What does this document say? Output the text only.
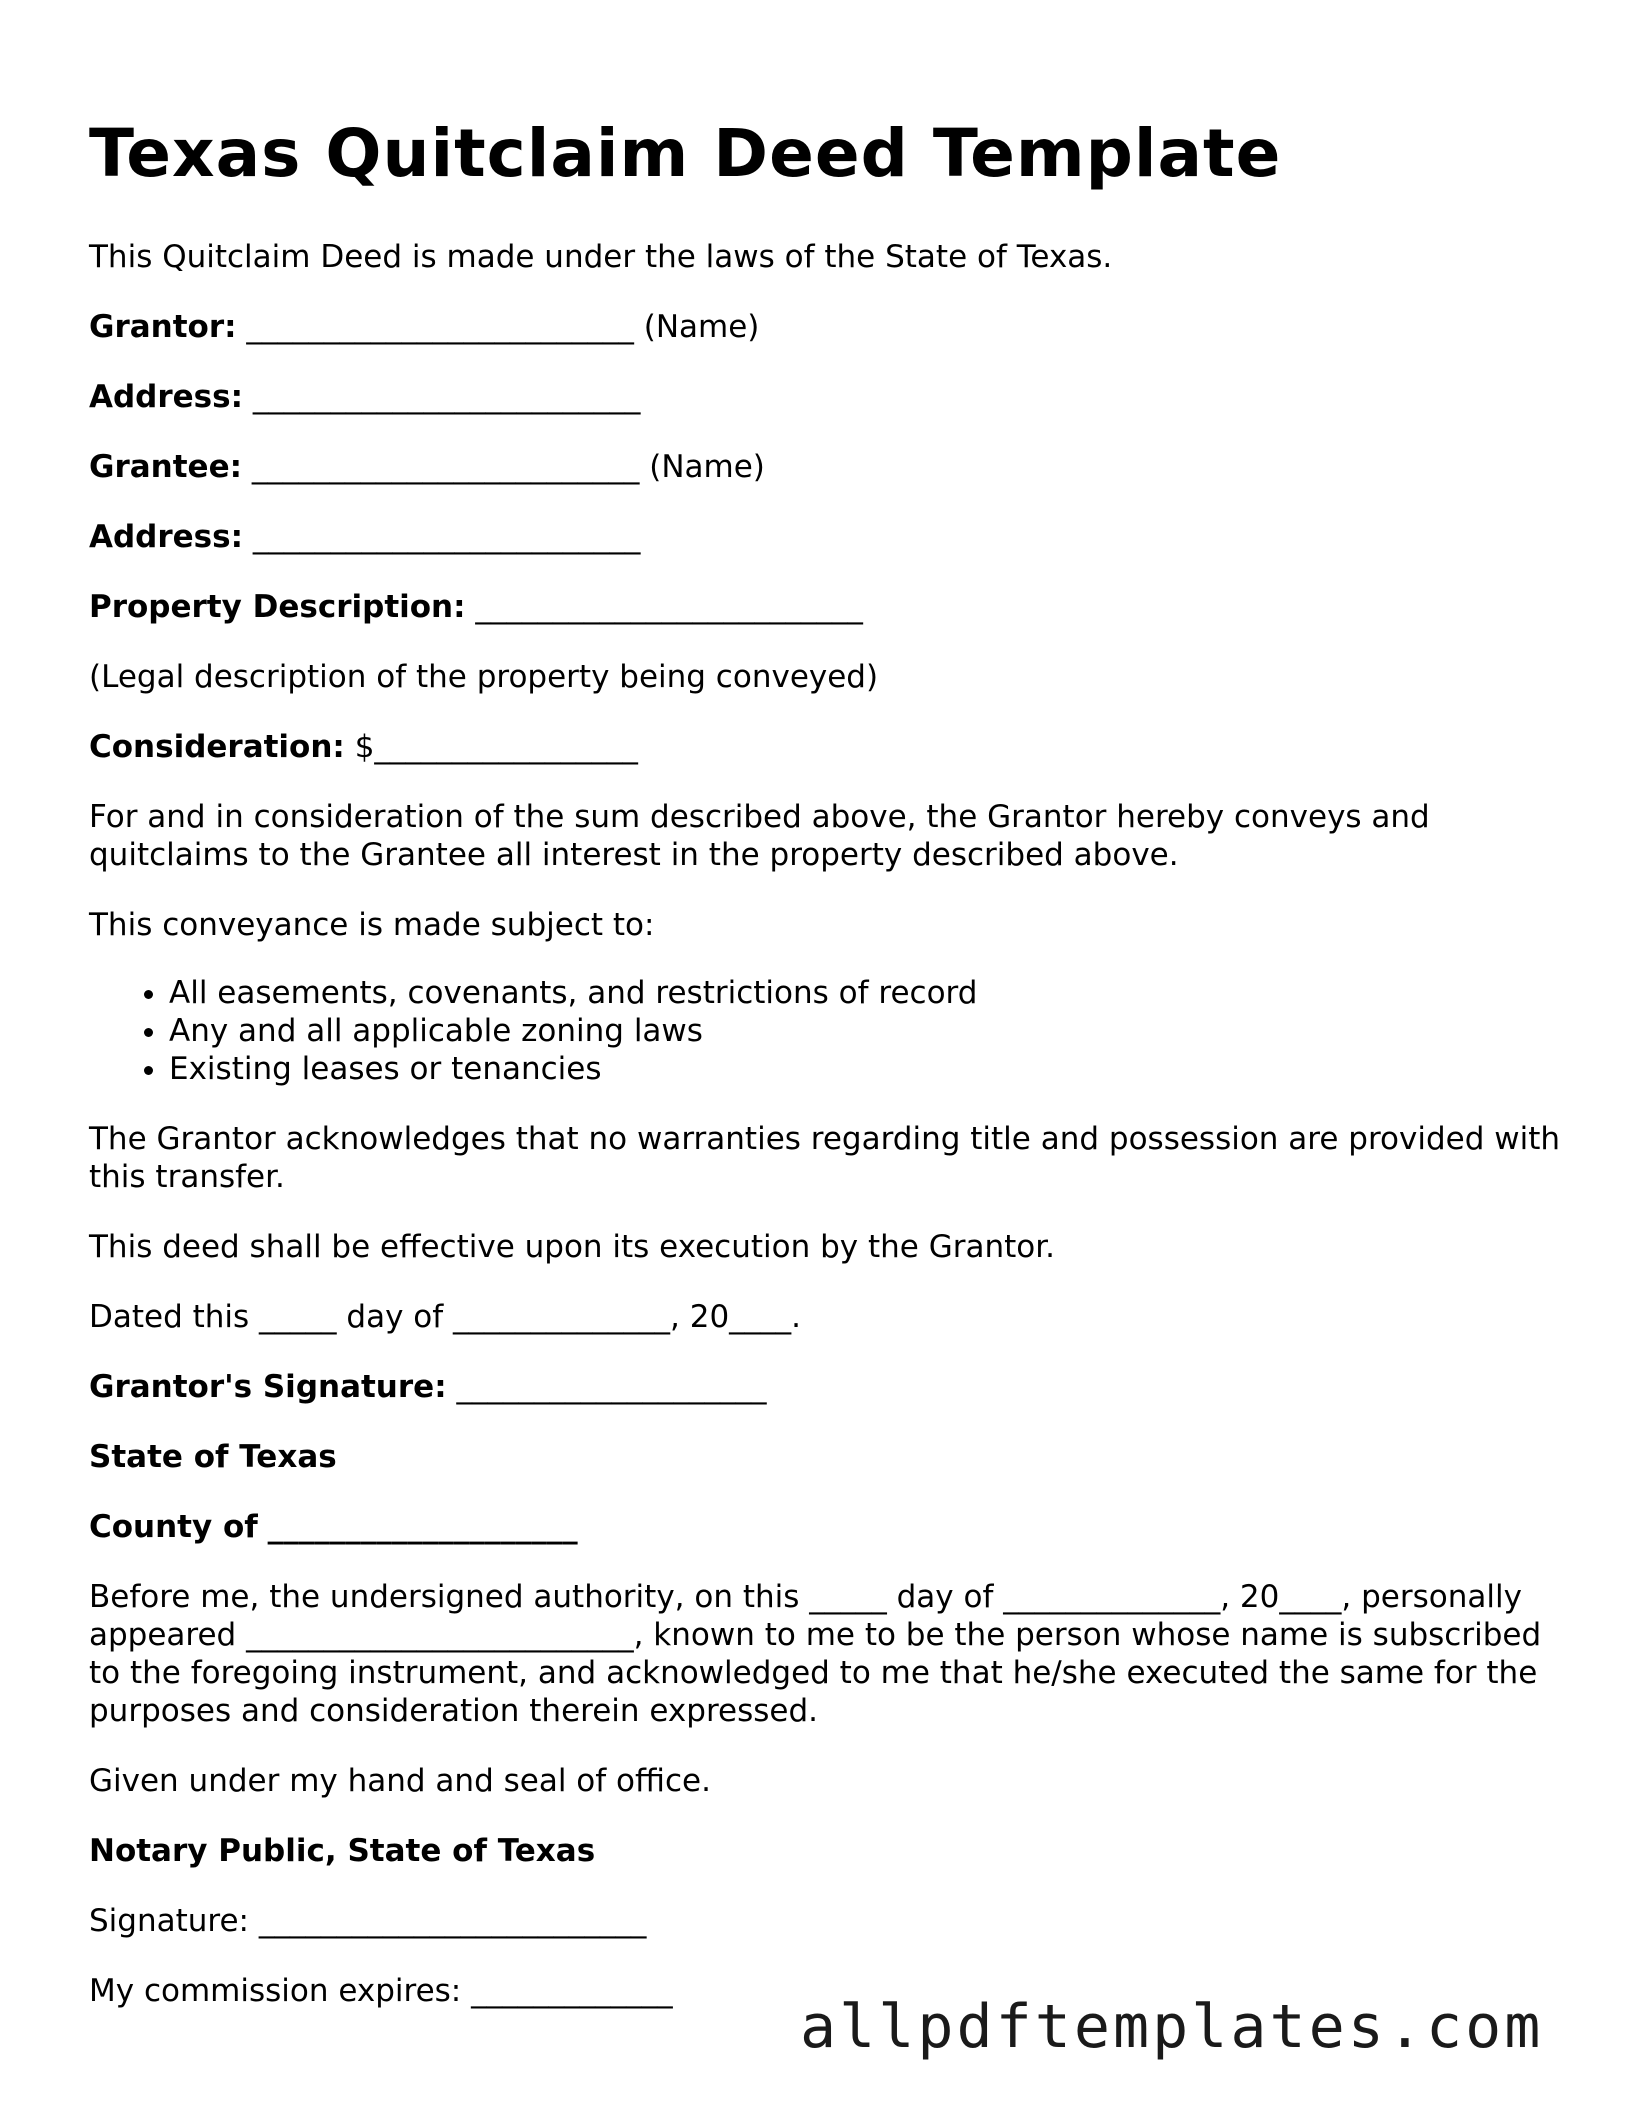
Texas Quitclaim Deed Template

This Quitclaim Deed is made under the laws of the State of Texas.

Grantor: _________________________ (Name)

Address: _________________________

Grantee: _________________________ (Name)

Address: _________________________

Property Description: _________________________

(Legal description of the property being conveyed)

Consideration: $_________________

For and in consideration of the sum described above, the Grantor hereby conveys and quitclaims to the Grantee all interest in the property described above.

This conveyance is made subject to:

• All easements, covenants, and restrictions of record
• Any and all applicable zoning laws
• Existing leases or tenancies

The Grantor acknowledges that no warranties regarding title and possession are provided with this transfer.

This deed shall be effective upon its execution by the Grantor.

Dated this _____ day of ______________, 20____.

Grantor's Signature: ____________________

State of Texas

County of ____________________

Before me, the undersigned authority, on this _____ day of ______________, 20____, personally appeared _________________________, known to me to be the person whose name is subscribed to the foregoing instrument, and acknowledged to me that he/she executed the same for the purposes and consideration therein expressed.

Given under my hand and seal of office.

Notary Public, State of Texas

Signature: _________________________

My commission expires: _____________

allpdftemplates.com
